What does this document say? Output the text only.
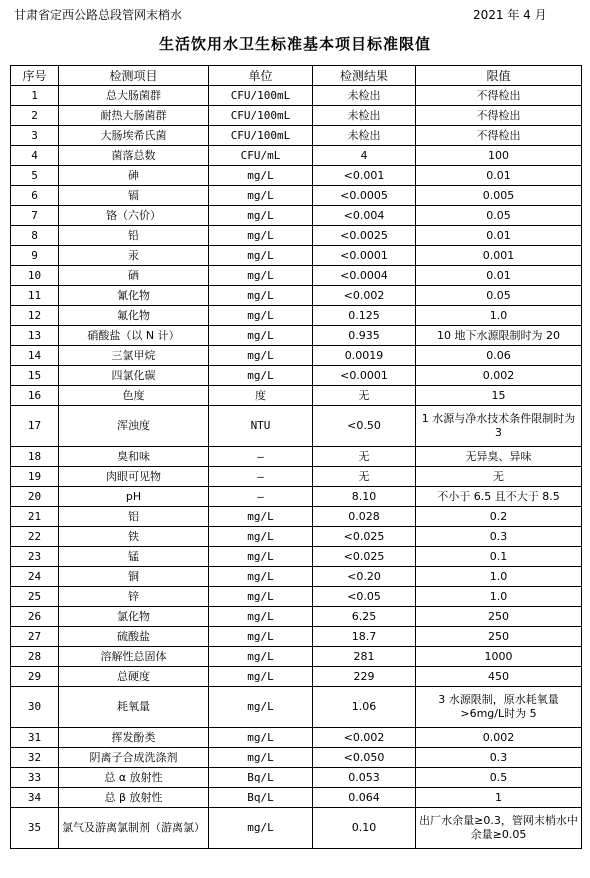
甘肃省定西公路总段管网末梢水	2021 年 4 月
生活饮用水卫生标准基本项目标准限值
序号	检测项目	单位	检测结果	限值
1	总大肠菌群	CFU/100mL	未检出	不得检出
2	耐热大肠菌群	CFU/100mL	未检出	不得检出
3	大肠埃希氏菌	CFU/100mL	未检出	不得检出
4	菌落总数	CFU/mL	4	100
5	砷	mg/L	<0.001	0.01
6	镉	mg/L	<0.0005	0.005
7	铬（六价）	mg/L	<0.004	0.05
8	铅	mg/L	<0.0025	0.01
9	汞	mg/L	<0.0001	0.001
10	硒	mg/L	<0.0004	0.01
11	氰化物	mg/L	<0.002	0.05
12	氟化物	mg/L	0.125	1.0
13	硝酸盐（以 N 计）	mg/L	0.935	10 地下水源限制时为 20
14	三氯甲烷	mg/L	0.0019	0.06
15	四氯化碳	mg/L	<0.0001	0.002
16	色度	度	无	15
17	浑浊度	NTU	<0.50	1 水源与净水技术条件限制时为 3
18	臭和味	—	无	无异臭、异味
19	肉眼可见物	—	无	无
20	pH	—	8.10	不小于 6.5 且不大于 8.5
21	铝	mg/L	0.028	0.2
22	铁	mg/L	<0.025	0.3
23	锰	mg/L	<0.025	0.1
24	铜	mg/L	<0.20	1.0
25	锌	mg/L	<0.05	1.0
26	氯化物	mg/L	6.25	250
27	硫酸盐	mg/L	18.7	250
28	溶解性总固体	mg/L	281	1000
29	总硬度	mg/L	229	450
30	耗氧量	mg/L	1.06	3 水源限制，原水耗氧量>6mg/L时为 5
31	挥发酚类	mg/L	<0.002	0.002
32	阴离子合成洗涤剂	mg/L	<0.050	0.3
33	总 α 放射性	Bq/L	0.053	0.5
34	总 β 放射性	Bq/L	0.064	1
35	氯气及游离氯制剂（游离氯）	mg/L	0.10	出厂水余量≥0.3，管网末梢水中余量≥0.05
